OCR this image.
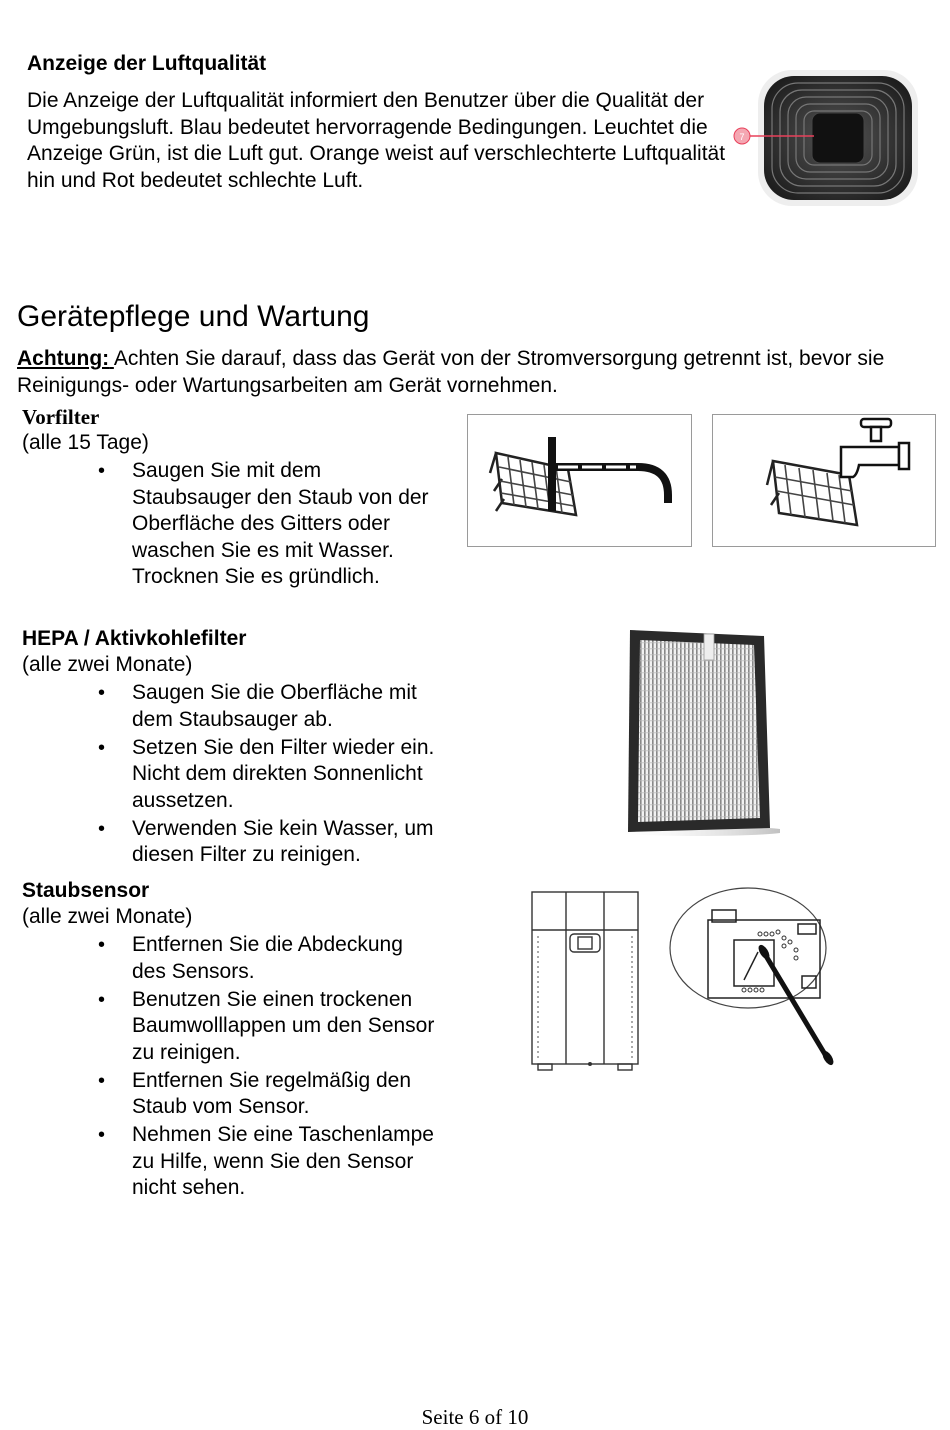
Anzeige der Luftqualität
Die Anzeige der Luftqualität informiert den Benutzer über die Qualität der Umgebungsluft. Blau bedeutet hervorragende Bedingungen. Leuchtet die Anzeige Grün, ist die Luft gut. Orange weist auf verschlechterte Luftqualität hin und Rot bedeutet schlechte Luft.
7
Gerätepflege und Wartung
Achtung: Achten Sie darauf, dass das Gerät von der Stromversorgung getrennt ist, bevor sie Reinigungs- oder Wartungsarbeiten am Gerät vornehmen.
Vorfilter
(alle 15 Tage)
• Saugen Sie mit dem Staubsauger den Staub von der Oberfläche des Gitters oder waschen Sie es mit Wasser. Trocknen Sie es gründlich.
HEPA / Aktivkohlefilter
(alle zwei Monate)
• Saugen Sie die Oberfläche mit dem Staubsauger ab.
• Setzen Sie den Filter wieder ein. Nicht dem direkten Sonnenlicht aussetzen.
• Verwenden Sie kein Wasser, um diesen Filter zu reinigen.
Staubsensor
(alle zwei Monate)
• Entfernen Sie die Abdeckung des Sensors.
• Benutzen Sie einen trockenen Baumwolllappen um den Sensor zu reinigen.
• Entfernen Sie regelmäßig den Staub vom Sensor.
• Nehmen Sie eine Taschenlampe zu Hilfe, wenn Sie den Sensor nicht sehen.
Seite 6 of 10
